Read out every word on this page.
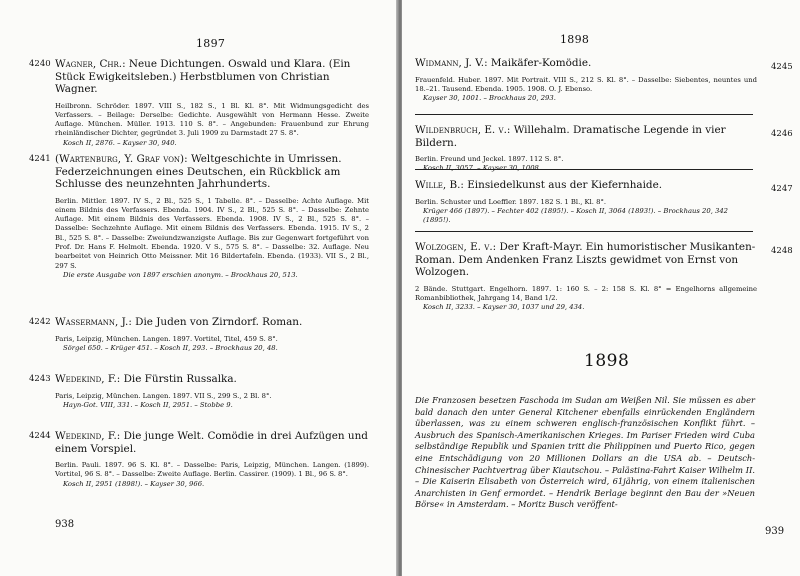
1897
4240 Wagner, Chr.: Neue Dichtungen. Oswald und Klara. (Ein Stück Ewigkeitsleben.) Herbstblumen von Christian Wagner.
Heilbronn. Schröder. 1897. VIII S., 182 S., 1 Bl. Kl. 8°. Mit Widmungsgedicht des Verfassers. – Beilage: Derselbe: Gedichte. Ausgewählt von Hermann Hesse. Zweite Auflage. München. Müller. 1913. 110 S. 8°. – Angebunden: Frauenbund zur Ehrung rheinländischer Dichter, gegründet 3. Juli 1909 zu Darmstadt 27 S. 8°.
Kosch II, 2876. – Kayser 30, 940.
4241 (Wartenburg, Y. Graf von): Weltgeschichte in Umrissen. Federzeichnungen eines Deutschen, ein Rückblick am Schlusse des neunzehnten Jahrhunderts.
Berlin. Mittler. 1897. IV S., 2 Bl., 525 S., 1 Tabelle. 8°. – Dasselbe: Achte Auflage. Mit einem Bildnis des Verfassers. Ebenda. 1904. IV S., 2 Bl., 525 S. 8°. – Dasselbe: Zehnte Auflage. Mit einem Bildnis des Verfassers. Ebenda. 1908. IV S., 2 Bl., 525 S. 8°. – Dasselbe: Sechzehnte Auflage. Mit einem Bildnis des Verfassers. Ebenda. 1915. IV S., 2 Bl., 525 S. 8°. – Dasselbe: Zweiundzwanzigste Auflage. Bis zur Gegenwart fortgeführt von Prof. Dr. Hans F. Helmolt. Ebenda. 1920. V S., 575 S. 8°. – Dasselbe: 32. Auflage. Neu bearbeitet von Heinrich Otto Meissner. Mit 16 Bildertafeln. Ebenda. (1933). VII S., 2 Bl., 297 S.
Die erste Ausgabe von 1897 erschien anonym. – Brockhaus 20, 513.
4242 Wassermann, J.: Die Juden von Zirndorf. Roman.
Paris, Leipzig, München. Langen. 1897. Vortitel, Titel, 459 S. 8°.
Sörgel 650. – Krüger 451. – Kosch II, 293. – Brockhaus 20, 48.
4243 Wedekind, F.: Die Fürstin Russalka.
Paris, Leipzig, München. Langen. 1897. VII S., 299 S., 2 Bl. 8°.
Hayn-Got. VIII, 331. – Kosch II, 2951. – Stobbe 9.
4244 Wedekind, F.: Die junge Welt. Comödie in drei Aufzügen und einem Vorspiel.
Berlin. Pauli. 1897. 96 S. Kl. 8°. – Dasselbe: Paris, Leipzig, München. Langen. (1899). Vortitel, 96 S. 8°. – Dasselbe: Zweite Auflage. Berlin. Cassirer. (1909). 1 Bl., 96 S. 8°.
Kosch II, 2951 (1898!). – Kayser 30, 966.
938
1898
4245
Widmann, J. V.: Maikäfer-Komödie.
Frauenfeld. Huber. 1897. Mit Portrait. VIII S., 212 S. Kl. 8°. – Dasselbe: Siebentes, neuntes und 18.–21. Tausend. Ebenda. 1905. 1908. O. J. Ebenso.
Kayser 30, 1001. – Brockhaus 20, 293.
4246
Wildenbruch, E. v.: Willehalm. Dramatische Legende in vier Bildern.
Berlin. Freund und Jeckel. 1897. 112 S. 8°.
4247
Wille, B.: Einsiedelkunst aus der Kiefernhaide.
Berlin. Schuster und Loeffler. 1897. 182 S. 1 Bl., Kl. 8°.
Krüger 466 (1897). – Fechter 402 (1895!). – Kosch II, 3064 (1893!). – Brockhaus 20, 342 (1895!).
4248
Wolzogen, E. v.: Der Kraft-Mayr. Ein humoristischer Musikanten-Roman. Dem Andenken Franz Liszts gewidmet von Ernst von Wolzogen.
2 Bände. Stuttgart. Engelhorn. 1897. 1: 160 S. – 2: 158 S. Kl. 8° = Engelhorns allgemeine Romanbibliothek, Jahrgang 14, Band 1/2.
Kosch II, 3233. – Kayser 30, 1037 und 29, 434.
1898
Die Franzosen besetzen Faschoda im Sudan am Weißen Nil. Sie müssen es aber bald danach den unter General Kitchener ebenfalls einrückenden Engländern überlassen, was zu einem schweren englisch-französischen Konflikt führt. – Ausbruch des Spanisch-Amerikanischen Krieges. Im Pariser Frieden wird Cuba selbständige Republik und Spanien tritt die Philippinen und Puerto Rico, gegen eine Entschädigung von 20 Millionen Dollars an die USA ab. – Deutsch-Chinesischer Pachtvertrag über Kiautschou. – Palästina-Fahrt Kaiser Wilhelm II. – Die Kaiserin Elisabeth von Österreich wird, 61jährig, von einem italienischen Anarchisten in Genf ermordet. – Hendrik Berlage beginnt den Bau der »Neuen Börse« in Amsterdam. – Moritz Busch veröffent-
939
